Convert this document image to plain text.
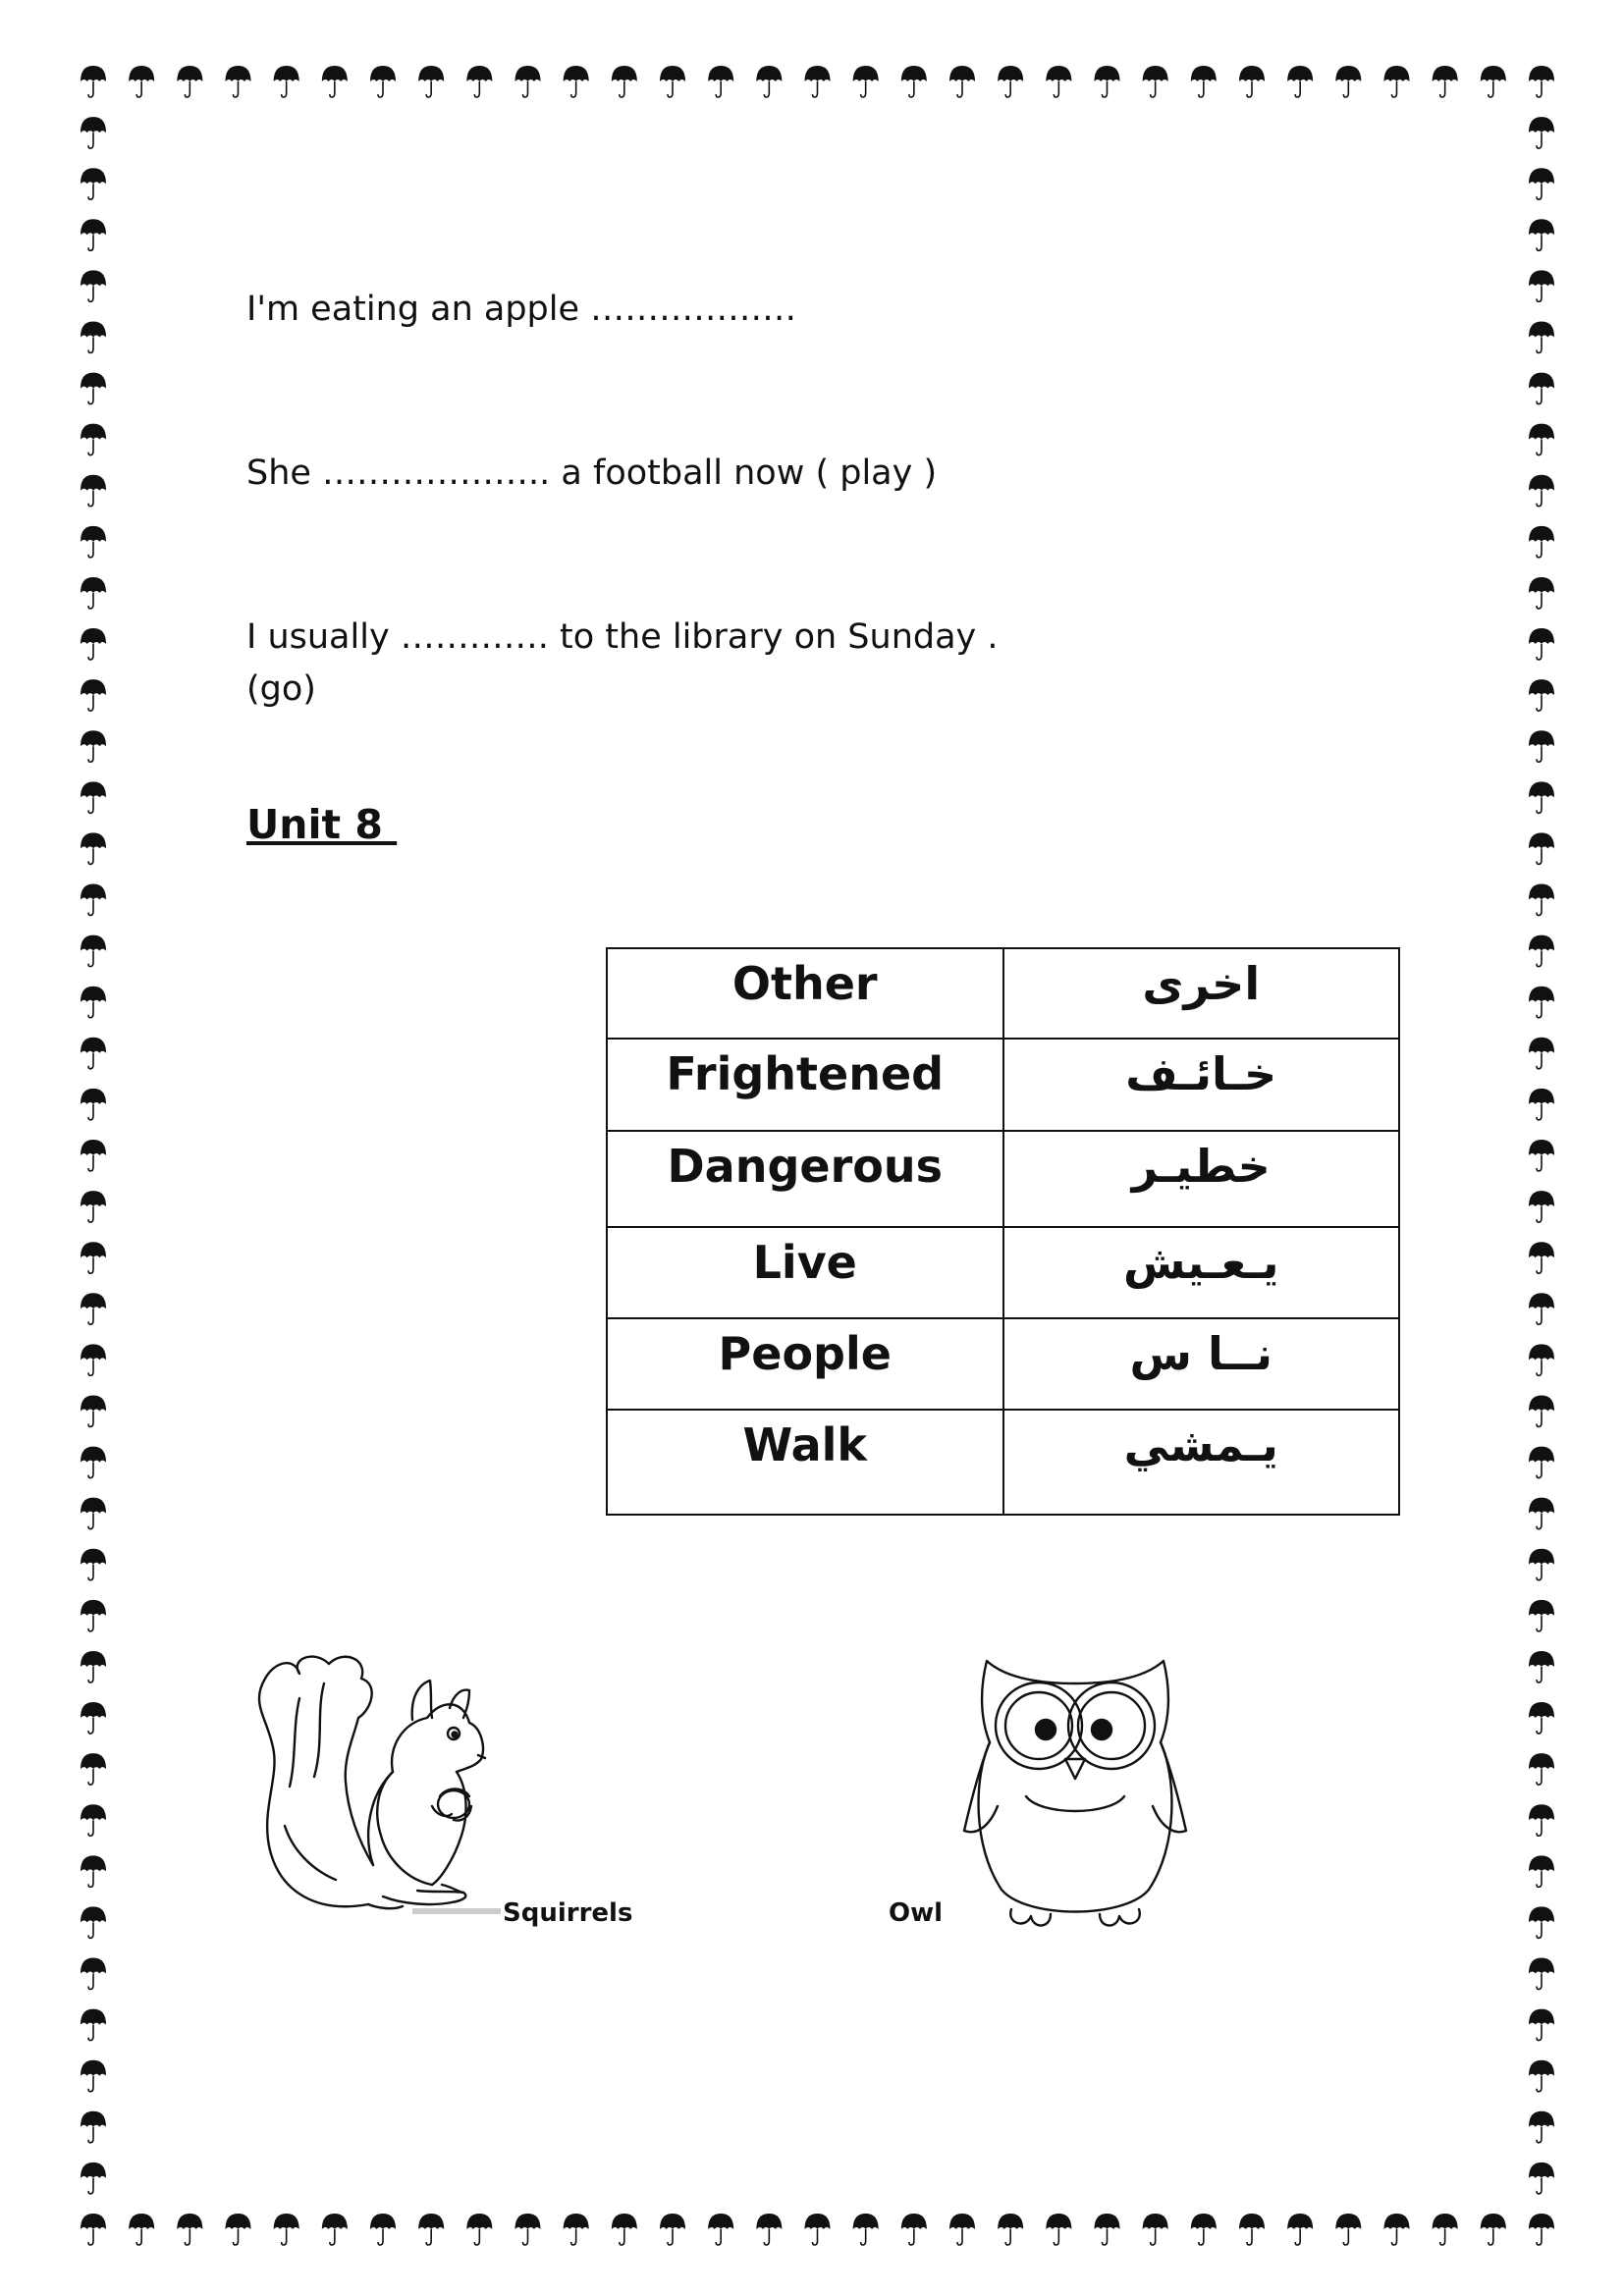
I'm eating an apple ………………

She ……………….. a football now ( play )

I usually …………. to the library on Sunday .

(go)

Unit 8
Other	اخرى
Frightened	خـائـف
Dangerous	خطيـر
Live	يـعـيش
People	نــا س
Walk	يـمشي

Squirrels	Owl
